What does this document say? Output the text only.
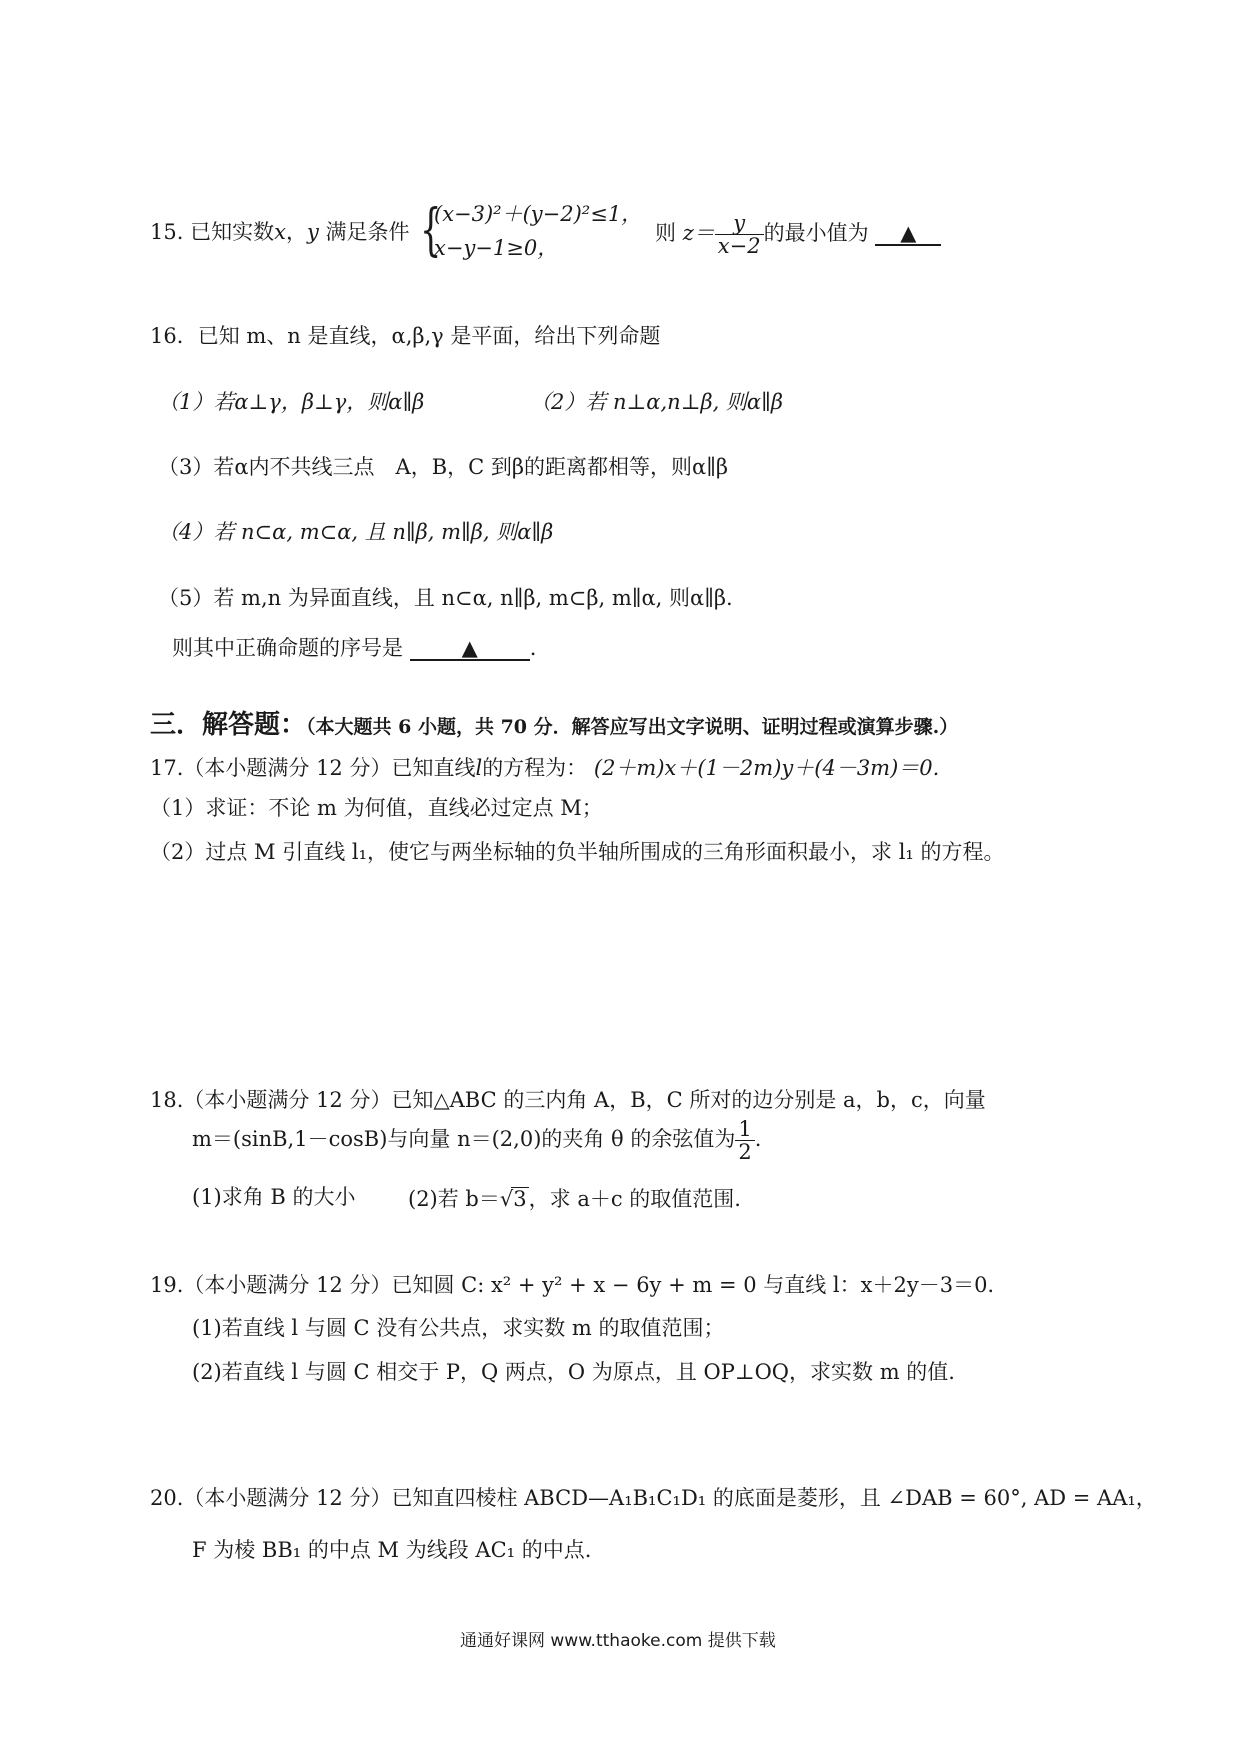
15. 已知实数x，y 满足条件 {
(x−3)²＋(y−2)²≤1，
x−y−1≥0，
则 $z= \frac{y}{x-2}$ 的最小值为 ▲
16．已知 m、n 是直线，α,β,γ 是平面，给出下列命题
（1）若α⊥γ，β⊥γ，则α∥β	（2）若 n⊥α,n⊥β, 则α∥β
（3）若α内不共线三点　A，B，C 到β的距离都相等，则α∥β
（4）若 n⊂α, m⊂α, 且 n∥β, m∥β, 则α∥β
（5）若 m,n 为异面直线，且 n⊂α, n∥β, m⊂β, m∥α, 则α∥β.
则其中正确命题的序号是	▲ .
三．解答题：（本大题共 6 小题，共 70 分．解答应写出文字说明、证明过程或演算步骤.）
17.（本小题满分 12 分）已知直线l的方程为： (2＋m)x＋(1－2m)y＋(4－3m)＝0.
（1）求证：不论 m 为何值，直线必过定点 M；
（2）过点 M 引直线 l₁，使它与两坐标轴的负半轴所围成的三角形面积最小，求 l₁ 的方程。
18.（本小题满分 12 分）已知△ABC 的三内角 A，B，C 所对的边分别是 a，b，c，向量
m＝(sinB,1－cosB)与向量 n＝(2,0)的夹角 θ 的余弦值为 $\frac{1}{2}$ .
(1)求角 B 的大小 (2)若 b＝√3，求 a＋c 的取值范围.
19.（本小题满分 12 分）已知圆 C: x² + y² + x − 6y + m = 0 与直线 l：x＋2y－3＝0.
(1)若直线 l 与圆 C 没有公共点，求实数 m 的取值范围；
(2)若直线 l 与圆 C 相交于 P，Q 两点，O 为原点，且 OP⊥OQ，求实数 m 的值.
20.（本小题满分 12 分）已知直四棱柱 ABCD—A₁B₁C₁D₁ 的底面是菱形，且 ∠DAB = 60°, AD = AA₁，
F 为棱 BB₁ 的中点 M 为线段 AC₁ 的中点.
通通好课网 www.tthaoke.com 提供下载
